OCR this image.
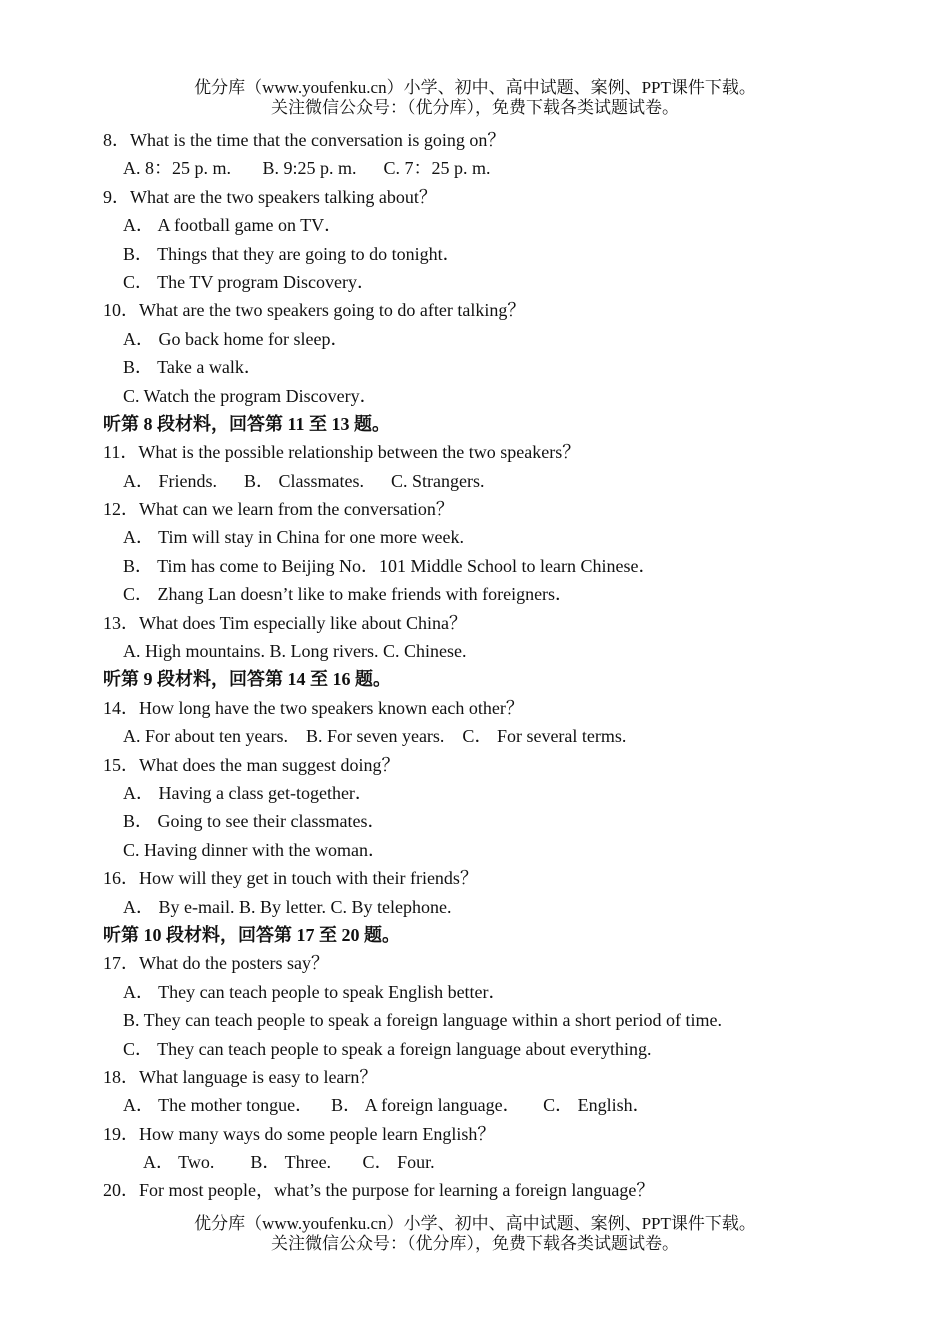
优分库（www.youfenku.cn）小学、初中、高中试题、案例、PPT课件下载。
关注微信公众号：（优分库），免费下载各类试题试卷。
8．What is the time that the conversation is going on？
A. 8：25 p. m.       B. 9:25 p. m.      C. 7：25 p. m.
9．What are the two speakers talking about？
A． A football game on TV．
B． Things that they are going to do tonight．
C． The TV program Discovery．
10．What are the two speakers going to do after talking？
A． Go back home for sleep．
B． Take a walk．
C. Watch the program Discovery．
听第 8 段材料，回答第 11 至 13 题。
11．What is the possible relationship between the two speakers？
A． Friends.      B． Classmates.      C. Strangers.
12．What can we learn from the conversation？
A． Tim will stay in China for one more week.
B． Tim has come to Beijing No．101 Middle School to learn Chinese．
C． Zhang Lan doesn’t like to make friends with foreigners．
13．What does Tim especially like about China？
A. High mountains. B. Long rivers. C. Chinese.
听第 9 段材料，回答第 14 至 16 题。
14．How long have the two speakers known each other？
A. For about ten years.    B. For seven years.    C． For several terms.
15．What does the man suggest doing？
A． Having a class get-together．
B． Going to see their classmates．
C. Having dinner with the woman．
16．How will they get in touch with their friends？
A． By e-mail. B. By letter. C. By telephone.
听第 10 段材料，回答第 17 至 20 题。
17．What do the posters say？
A． They can teach people to speak English better．
B. They can teach people to speak a foreign language within a short period of time.
C． They can teach people to speak a foreign language about everything.
18．What language is easy to learn？
A． The mother tongue．    B． A foreign language．     C． English．
19．How many ways do some people learn English？
A． Two.        B． Three.       C． Four.
20．For most people，what’s the purpose for learning a foreign language？
优分库（www.youfenku.cn）小学、初中、高中试题、案例、PPT课件下载。
关注微信公众号：（优分库），免费下载各类试题试卷。
